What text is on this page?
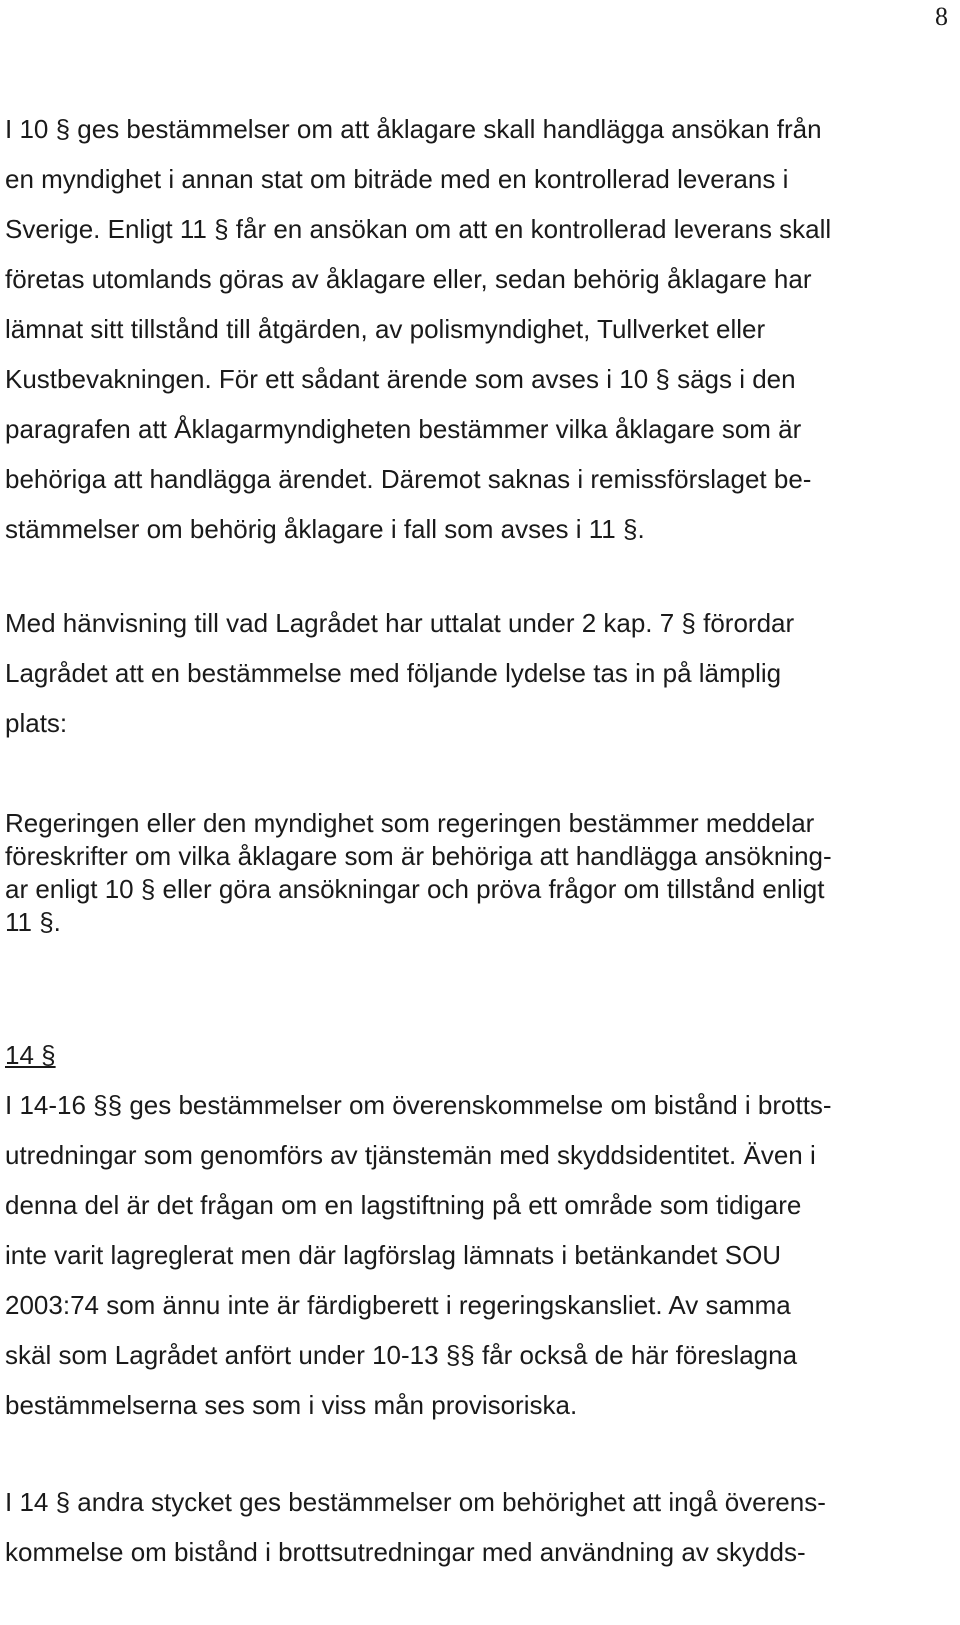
8
I 10 § ges bestämmelser om att åklagare skall handlägga ansökan från
en myndighet i annan stat om biträde med en kontrollerad leverans i
Sverige. Enligt 11 § får en ansökan om att en kontrollerad leverans skall
företas utomlands göras av åklagare eller, sedan behörig åklagare har
lämnat sitt tillstånd till åtgärden, av polismyndighet, Tullverket eller
Kustbevakningen. För ett sådant ärende som avses i 10 § sägs i den
paragrafen att Åklagarmyndigheten bestämmer vilka åklagare som är
behöriga att handlägga ärendet. Däremot saknas i remissförslaget be-
stämmelser om behörig åklagare i fall som avses i 11 §.
Med hänvisning till vad Lagrådet har uttalat under 2 kap. 7 § förordar
Lagrådet att en bestämmelse med följande lydelse tas in på lämplig
plats:
Regeringen eller den myndighet som regeringen bestämmer meddelar
föreskrifter om vilka åklagare som är behöriga att handlägga ansökning-
ar enligt 10 § eller göra ansökningar och pröva frågor om tillstånd enligt
11 §.
14 §
I 14-16 §§ ges bestämmelser om överenskommelse om bistånd i brotts-
utredningar som genomförs av tjänstemän med skyddsidentitet. Även i
denna del är det frågan om en lagstiftning på ett område som tidigare
inte varit lagreglerat men där lagförslag lämnats i betänkandet SOU
2003:74 som ännu inte är färdigberett i regeringskansliet. Av samma
skäl som Lagrådet anfört under 10-13 §§ får också de här föreslagna
bestämmelserna ses som i viss mån provisoriska.
I 14 § andra stycket ges bestämmelser om behörighet att ingå överens-
kommelse om bistånd i brottsutredningar med användning av skydds-
